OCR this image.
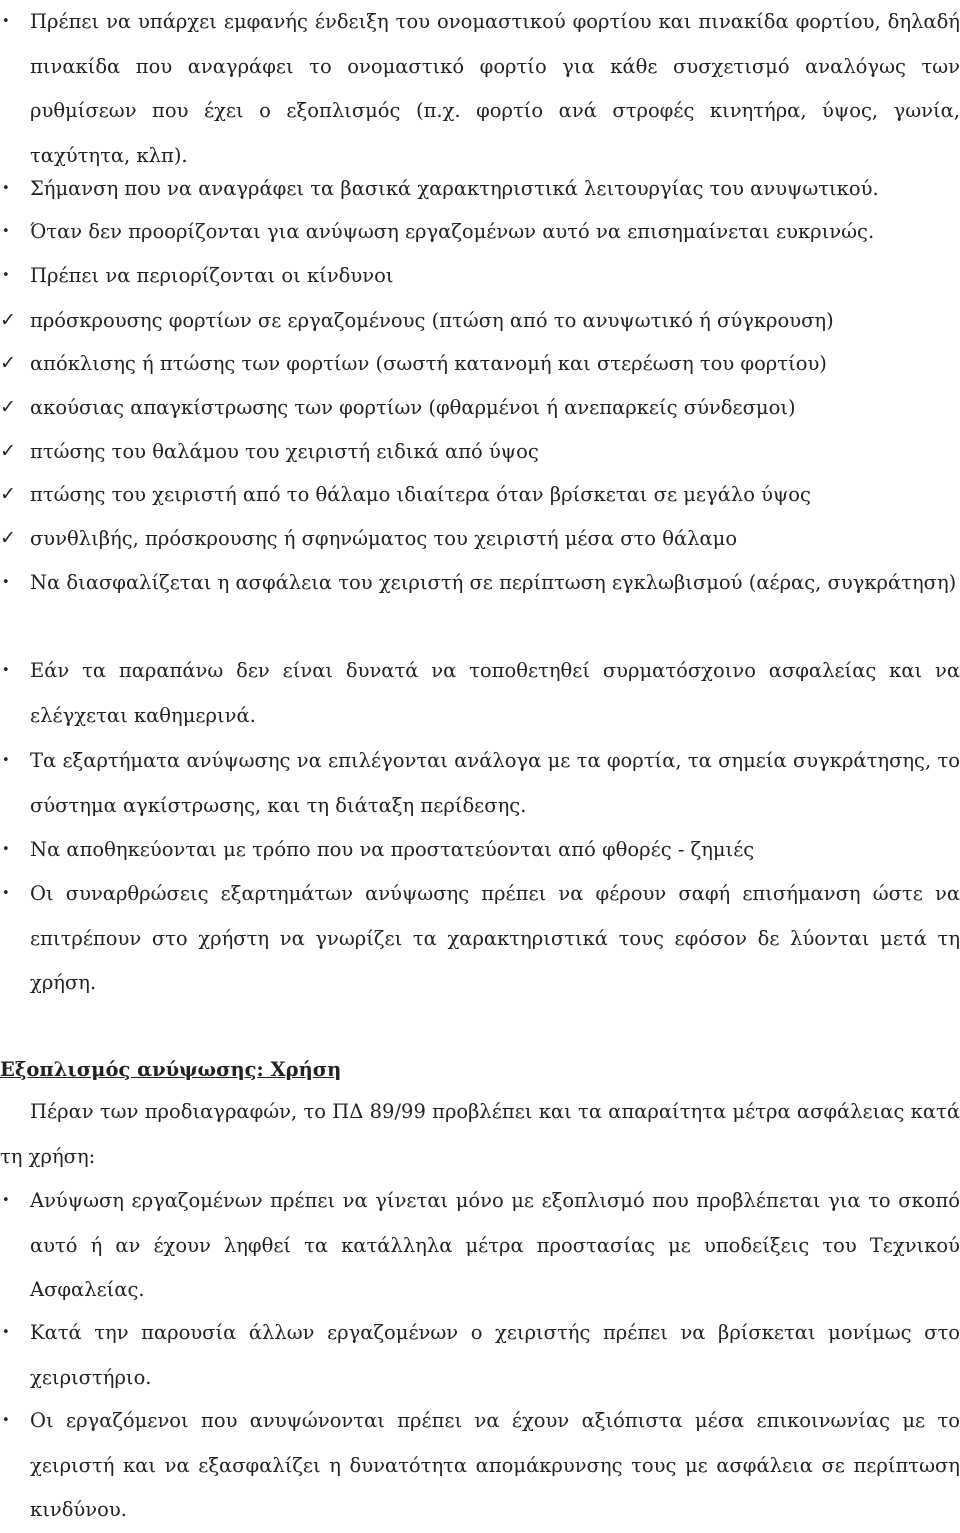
•	Πρέπει να υπάρχει εμφανής ένδειξη του ονομαστικού φορτίου και πινακίδα φορτίου, δηλαδή πινακίδα που αναγράφει το ονομαστικό φορτίο για κάθε συσχετισμό αναλόγως των ρυθμίσεων που έχει ο εξοπλισμός (π.χ. φορτίο ανά στροφές κινητήρα, ύψος, γωνία, ταχύτητα, κλπ).
•	Σήμανση που να αναγράφει τα βασικά χαρακτηριστικά λειτουργίας του ανυψωτικού.
•	Όταν δεν προορίζονται για ανύψωση εργαζομένων αυτό να επισημαίνεται ευκρινώς.
•	Πρέπει να περιορίζονται οι κίνδυνοι
✓ πρόσκρουσης φορτίων σε εργαζομένους (πτώση από το ανυψωτικό ή σύγκρουση)
✓ απόκλισης ή πτώσης των φορτίων (σωστή κατανομή και στερέωση του φορτίου)
✓ ακούσιας απαγκίστρωσης των φορτίων (φθαρμένοι ή ανεπαρκείς σύνδεσμοι)
✓ πτώσης του θαλάμου του χειριστή ειδικά από ύψος
✓ πτώσης του χειριστή από το θάλαμο ιδιαίτερα όταν βρίσκεται σε μεγάλο ύψος
✓ συνθλιβής, πρόσκρουσης ή σφηνώματος του χειριστή μέσα στο θάλαμο
•	Να διασφαλίζεται η ασφάλεια του χειριστή σε περίπτωση εγκλωβισμού (αέρας, συγκράτηση)
•	Εάν τα παραπάνω δεν είναι δυνατά να τοποθετηθεί συρματόσχοινο ασφαλείας και να ελέγχεται καθημερινά.
•	Τα εξαρτήματα ανύψωσης να επιλέγονται ανάλογα με τα φορτία, τα σημεία συγκράτησης, το σύστημα αγκίστρωσης, και τη διάταξη περίδεσης.
•	Να αποθηκεύονται με τρόπο που να προστατεύονται από φθορές - ζημιές
•	Οι συναρθρώσεις εξαρτημάτων ανύψωσης πρέπει να φέρουν σαφή επισήμανση ώστε να επιτρέπουν στο χρήστη να γνωρίζει τα χαρακτηριστικά τους εφόσον δε λύονται μετά τη χρήση.
Εξοπλισμός ανύψωσης: Χρήση
Πέραν των προδιαγραφών, το ΠΔ 89/99 προβλέπει και τα απαραίτητα μέτρα ασφάλειας κατά τη χρήση:
•	Ανύψωση εργαζομένων πρέπει να γίνεται μόνο με εξοπλισμό που προβλέπεται για το σκοπό αυτό ή αν έχουν ληφθεί τα κατάλληλα μέτρα προστασίας με υποδείξεις του Τεχνικού Ασφαλείας.
•	Κατά την παρουσία άλλων εργαζομένων ο χειριστής πρέπει να βρίσκεται μονίμως στο χειριστήριο.
•	Οι εργαζόμενοι που ανυψώνονται πρέπει να έχουν αξιόπιστα μέσα επικοινωνίας με το χειριστή και να εξασφαλίζει η δυνατότητα απομάκρυνσης τους με ασφάλεια σε περίπτωση κινδύνου.
